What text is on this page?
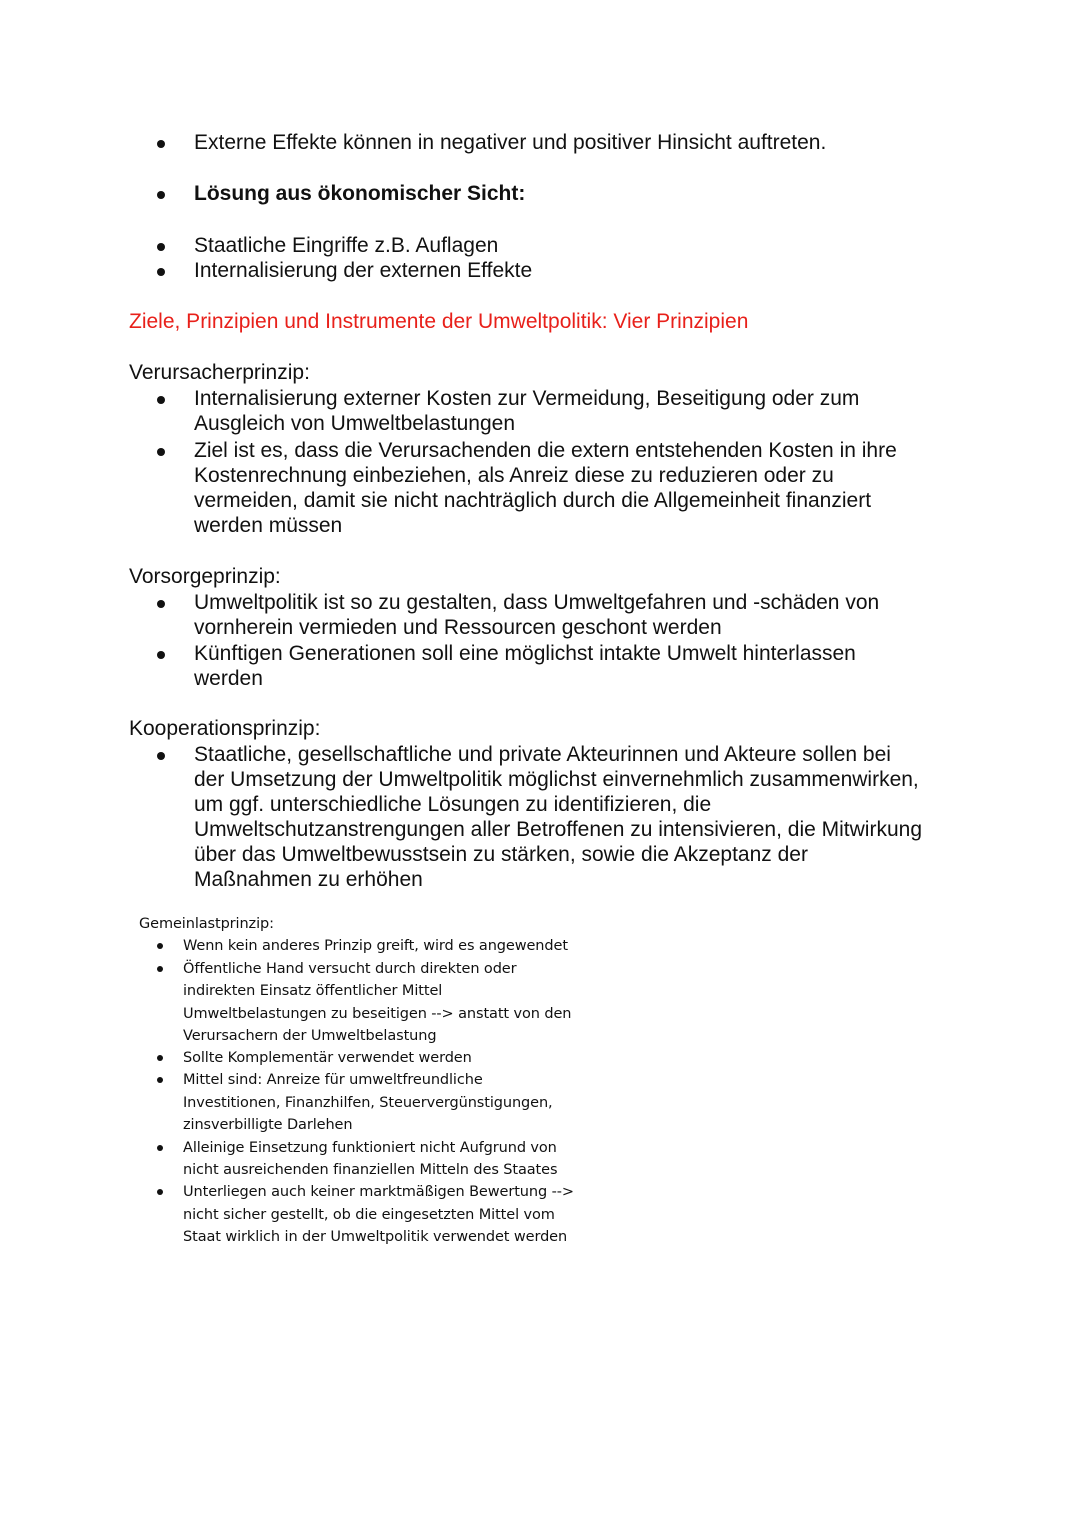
Externe Effekte können in negativer und positiver Hinsicht auftreten.
Lösung aus ökonomischer Sicht:
Staatliche Eingriffe z.B. Auflagen
Internalisierung der externen Effekte
Ziele, Prinzipien und Instrumente der Umweltpolitik: Vier Prinzipien
Verursacherprinzip:
Internalisierung externer Kosten zur Vermeidung, Beseitigung oder zum
Ausgleich von Umweltbelastungen
Ziel ist es, dass die Verursachenden die extern entstehenden Kosten in ihre
Kostenrechnung einbeziehen, als Anreiz diese zu reduzieren oder zu
vermeiden, damit sie nicht nachträglich durch die Allgemeinheit finanziert
werden müssen
Vorsorgeprinzip:
Umweltpolitik ist so zu gestalten, dass Umweltgefahren und -schäden von
vornherein vermieden und Ressourcen geschont werden
Künftigen Generationen soll eine möglichst intakte Umwelt hinterlassen
werden
Kooperationsprinzip:
Staatliche, gesellschaftliche und private Akteurinnen und Akteure sollen bei
der Umsetzung der Umweltpolitik möglichst einvernehmlich zusammenwirken,
um ggf. unterschiedliche Lösungen zu identifizieren, die
Umweltschutzanstrengungen aller Betroffenen zu intensivieren, die Mitwirkung
über das Umweltbewusstsein zu stärken, sowie die Akzeptanz der
Maßnahmen zu erhöhen
Gemeinlastprinzip:
Wenn kein anderes Prinzip greift, wird es angewendet
Öffentliche Hand versucht durch direkten oder
indirekten Einsatz öffentlicher Mittel
Umweltbelastungen zu beseitigen --> anstatt von den
Verursachern der Umweltbelastung
Sollte Komplementär verwendet werden
Mittel sind: Anreize für umweltfreundliche
Investitionen, Finanzhilfen, Steuervergünstigungen,
zinsverbilligte Darlehen
Alleinige Einsetzung funktioniert nicht Aufgrund von
nicht ausreichenden finanziellen Mitteln des Staates
Unterliegen auch keiner marktmäßigen Bewertung -->
nicht sicher gestellt, ob die eingesetzten Mittel vom
Staat wirklich in der Umweltpolitik verwendet werden
